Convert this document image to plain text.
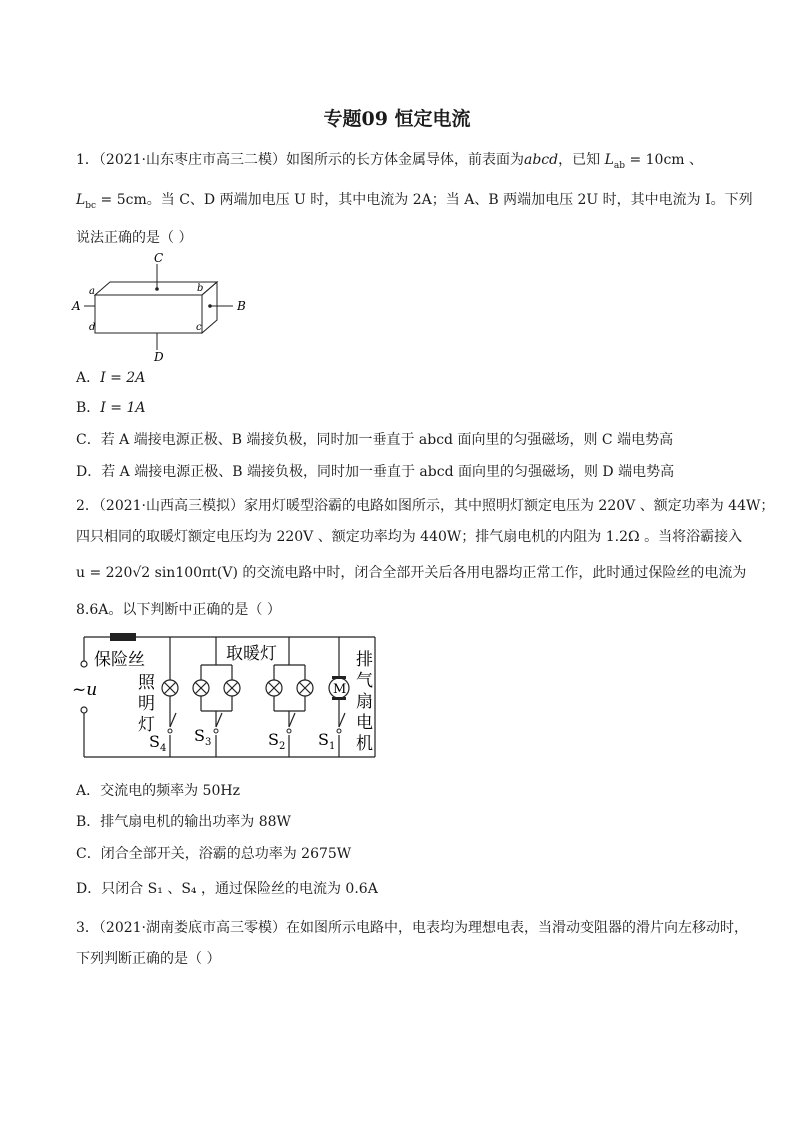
专题09 恒定电流
1．（2021·山东枣庄市高三二模）如图所示的长方体金属导体，前表面为abcd，已知 $L_{ab} = 10cm$ 、
$L_{bc} = 5cm$。当 C、D 两端加电压 U 时，其中电流为 2A；当 A、B 两端加电压 2U 时，其中电流为 I。下列
说法正确的是（ ）
C
D
A	B
a	b
c
d
A．I = 2A
B．I = 1A
C．若 A 端接电源正极、B 端接负极，同时加一垂直于 abcd 面向里的匀强磁场，则 C 端电势高
D．若 A 端接电源正极、B 端接负极，同时加一垂直于 abcd 面向里的匀强磁场，则 D 端电势高
2．（2021·山西高三模拟）家用灯暖型浴霸的电路如图所示，其中照明灯额定电压为 220V 、额定功率为 44W；
四只相同的取暖灯额定电压均为 220V 、额定功率均为 440W；排气扇电机的内阻为 1.2Ω 。当将浴霸接入
u = 220√2 sin100πt(V) 的交流电路中时，闭合全部开关后各用电器均正常工作，此时通过保险丝的电流为
8.6A。以下判断中正确的是（ ）
保险丝	取暖灯
~u 照
明
灯
排
气
扇
电
机
M
S 4
S 3	S 2 S 1
A．交流电的频率为 50Hz
B．排气扇电机的输出功率为 88W
C．闭合全部开关，浴霸的总功率为 2675W
D．只闭合 S₁ 、S₄ ，通过保险丝的电流为 0.6A
3．（2021·湖南娄底市高三零模）在如图所示电路中，电表均为理想电表，当滑动变阻器的滑片向左移动时，
下列判断正确的是（ ）
